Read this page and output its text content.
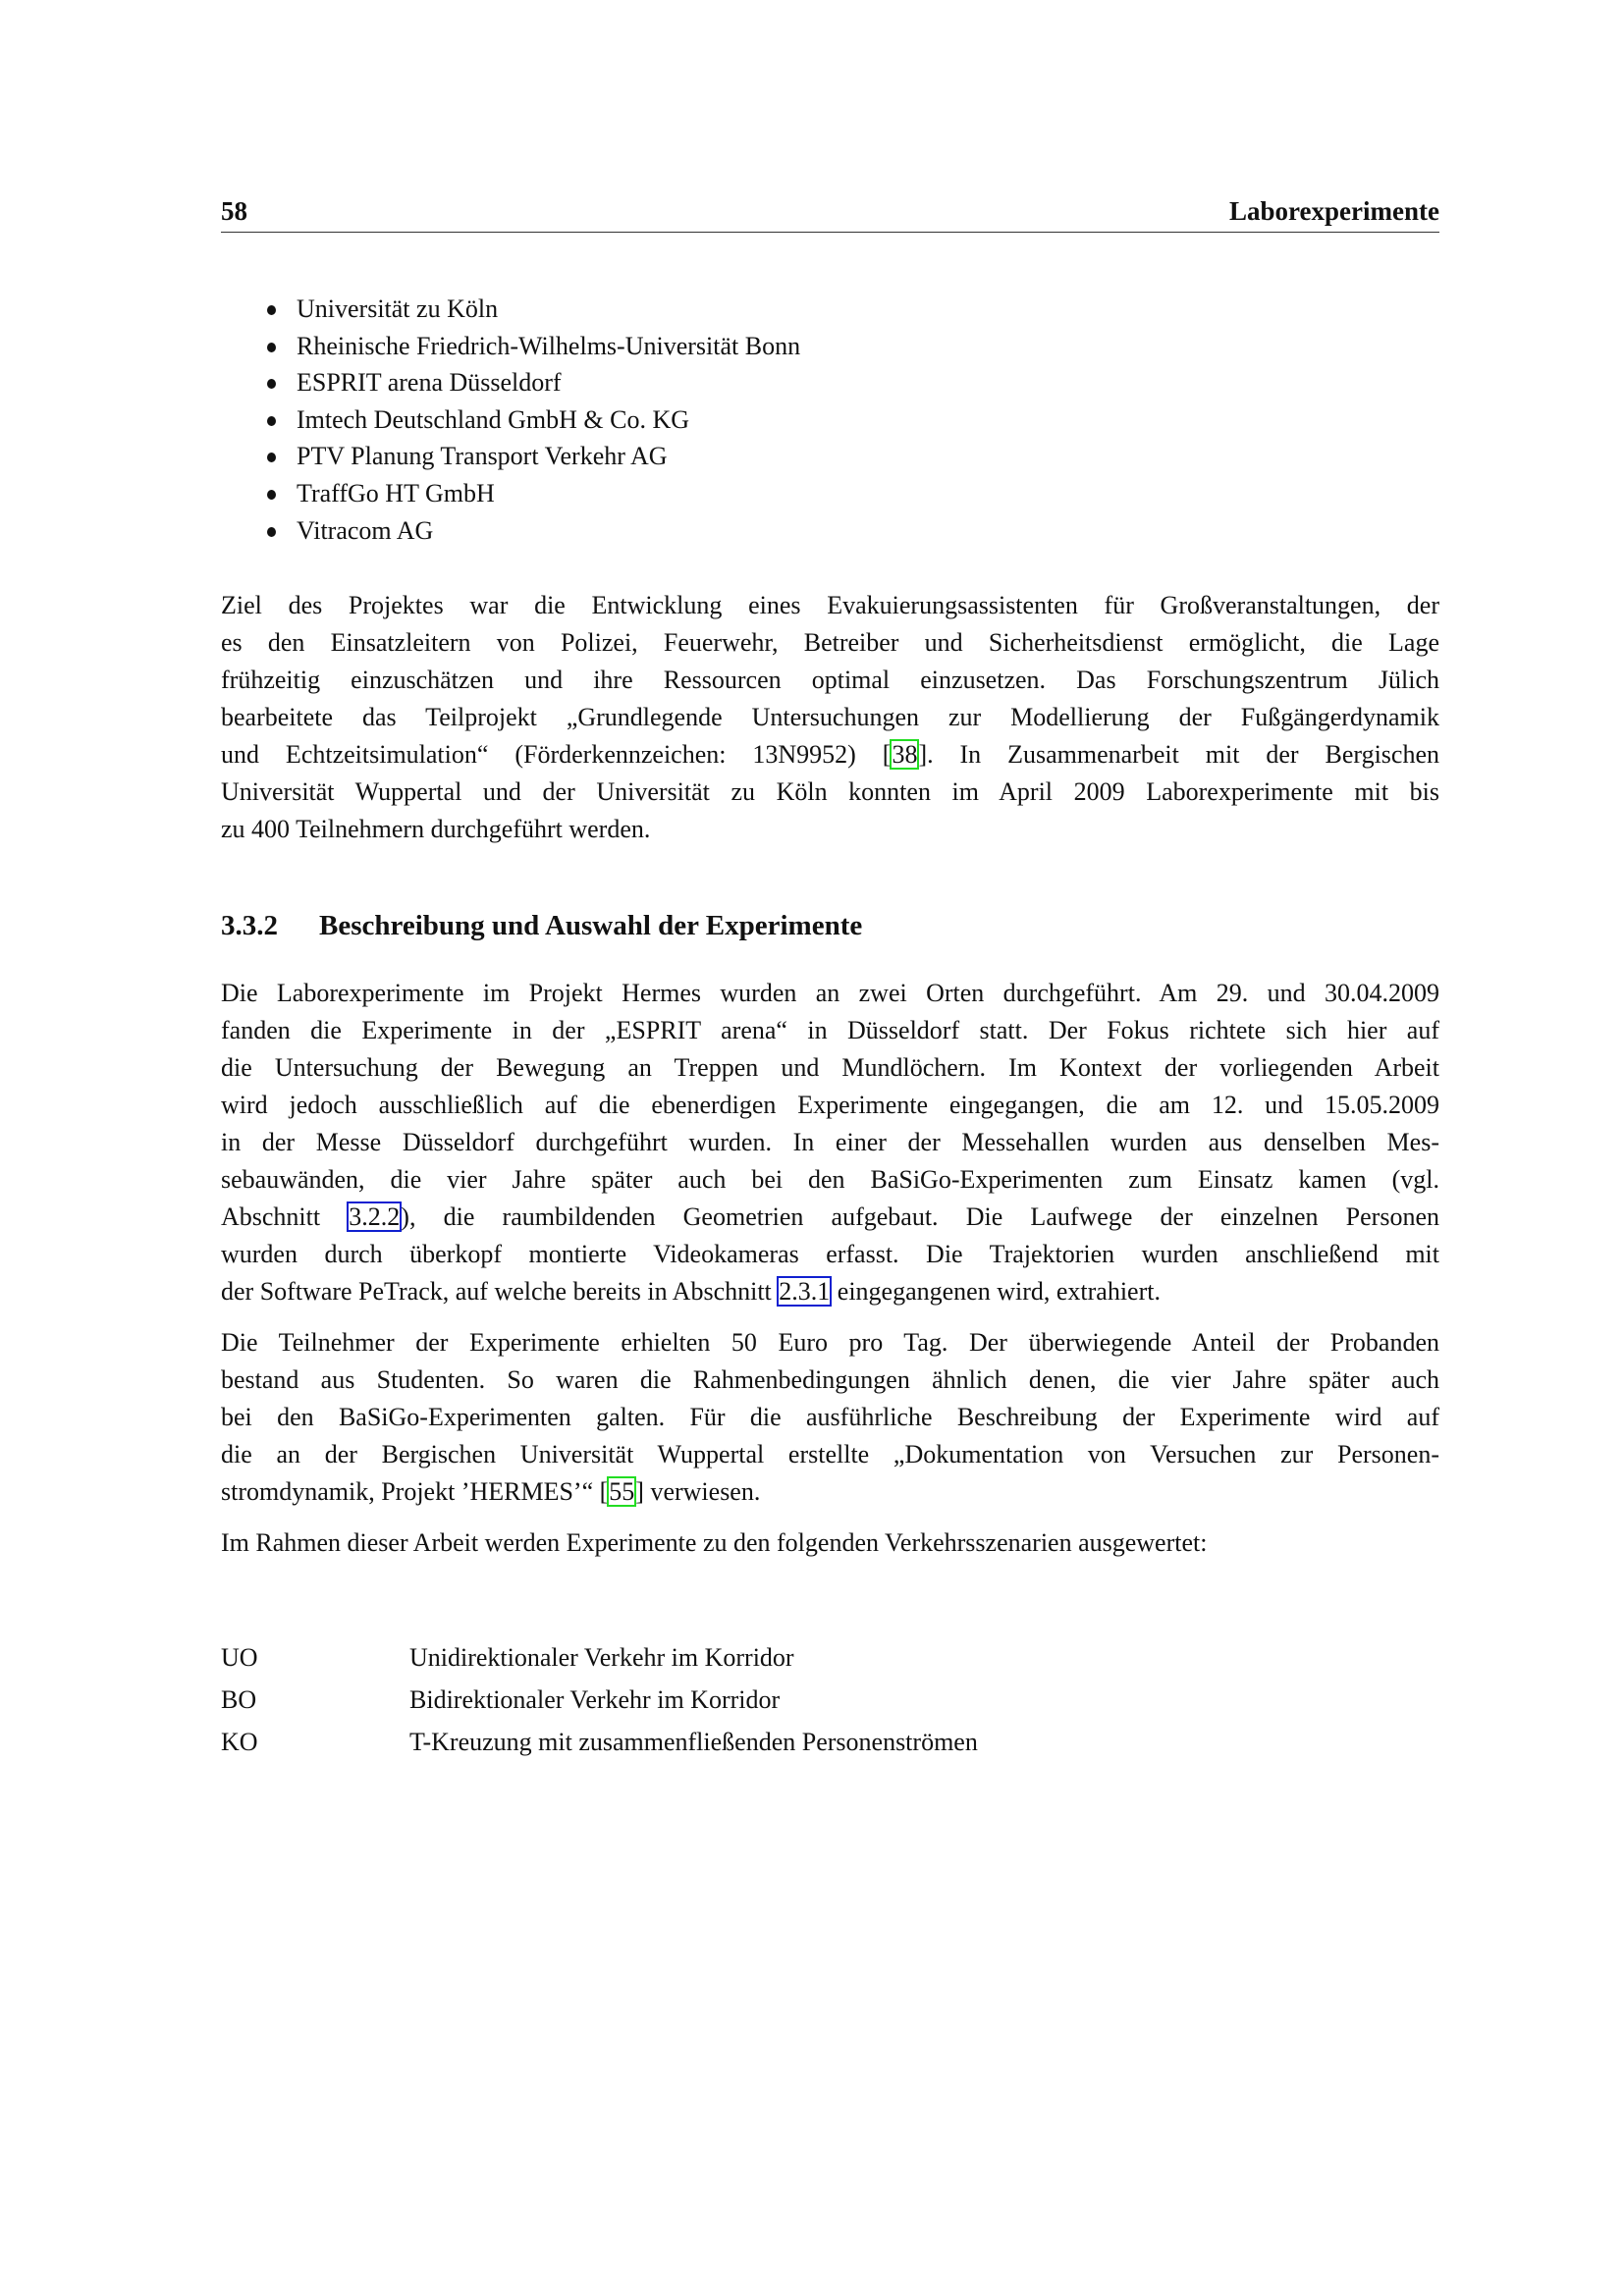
58	Laborexperimente
Universität zu Köln
Rheinische Friedrich-Wilhelms-Universität Bonn
ESPRIT arena Düsseldorf
Imtech Deutschland GmbH & Co. KG
PTV Planung Transport Verkehr AG
TraffGo HT GmbH
Vitracom AG
Ziel des Projektes war die Entwicklung eines Evakuierungsassistenten für Großveranstaltungen, der
es den Einsatzleitern von Polizei, Feuerwehr, Betreiber und Sicherheitsdienst ermöglicht, die Lage
frühzeitig einzuschätzen und ihre Ressourcen optimal einzusetzen. Das Forschungszentrum Jülich
bearbeitete das Teilprojekt „Grundlegende Untersuchungen zur Modellierung der Fußgängerdynamik
und Echtzeitsimulation“ (Förderkennzeichen: 13N9952) [38]. In Zusammenarbeit mit der Bergischen
Universität Wuppertal und der Universität zu Köln konnten im April 2009 Laborexperimente mit bis
zu 400 Teilnehmern durchgeführt werden.
3.3.2 Beschreibung und Auswahl der Experimente
Die Laborexperimente im Projekt Hermes wurden an zwei Orten durchgeführt. Am 29. und 30.04.2009
fanden die Experimente in der „ESPRIT arena“ in Düsseldorf statt. Der Fokus richtete sich hier auf
die Untersuchung der Bewegung an Treppen und Mundlöchern. Im Kontext der vorliegenden Arbeit
wird jedoch ausschließlich auf die ebenerdigen Experimente eingegangen, die am 12. und 15.05.2009
in der Messe Düsseldorf durchgeführt wurden. In einer der Messehallen wurden aus denselben Mes-
sebauwänden, die vier Jahre später auch bei den BaSiGo-Experimenten zum Einsatz kamen (vgl.
Abschnitt 3.2.2), die raumbildenden Geometrien aufgebaut. Die Laufwege der einzelnen Personen
wurden durch überkopf montierte Videokameras erfasst. Die Trajektorien wurden anschließend mit
der Software PeTrack, auf welche bereits in Abschnitt 2.3.1 eingegangenen wird, extrahiert.
Die Teilnehmer der Experimente erhielten 50 Euro pro Tag. Der überwiegende Anteil der Probanden
bestand aus Studenten. So waren die Rahmenbedingungen ähnlich denen, die vier Jahre später auch
bei den BaSiGo-Experimenten galten. Für die ausführliche Beschreibung der Experimente wird auf
die an der Bergischen Universität Wuppertal erstellte „Dokumentation von Versuchen zur Personen-
stromdynamik, Projekt ’HERMES’“ [55] verwiesen.
Im Rahmen dieser Arbeit werden Experimente zu den folgenden Verkehrsszenarien ausgewertet:
UO	Unidirektionaler Verkehr im Korridor
BO	Bidirektionaler Verkehr im Korridor
KO	T-Kreuzung mit zusammenfließenden Personenströmen
